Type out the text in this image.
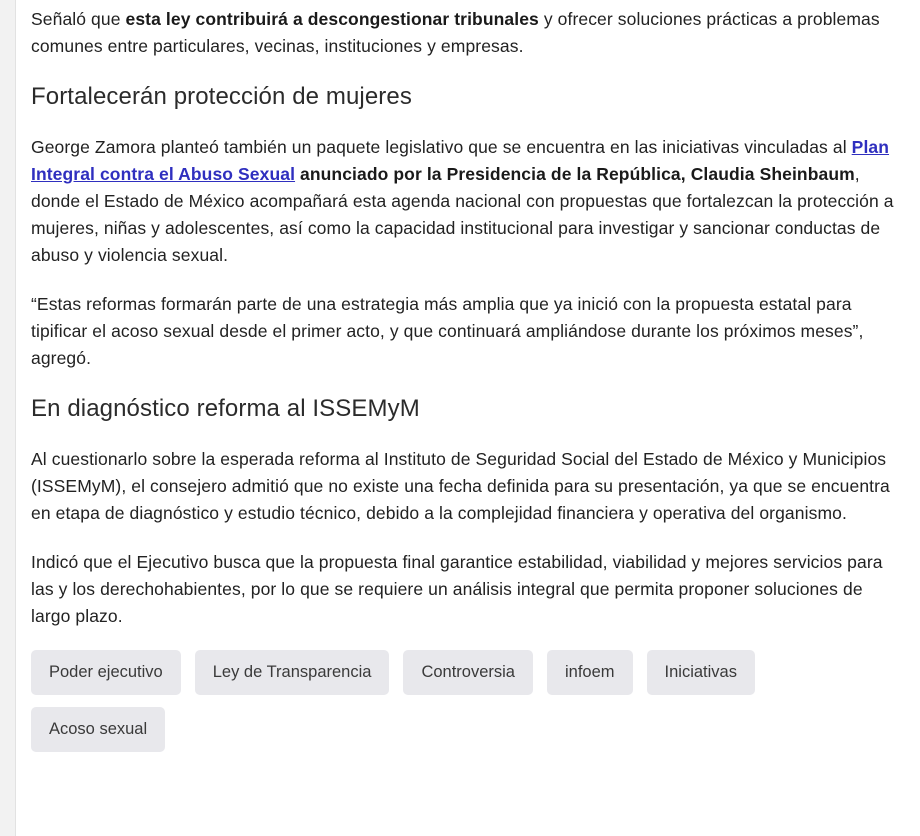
Señaló que esta ley contribuirá a descongestionar tribunales y ofrecer soluciones prácticas a problemas comunes entre particulares, vecinas, instituciones y empresas.

Fortalecerán protección de mujeres

George Zamora planteó también un paquete legislativo que se encuentra en las iniciativas vinculadas al Plan Integral contra el Abuso Sexual anunciado por la Presidencia de la República, Claudia Sheinbaum, donde el Estado de México acompañará esta agenda nacional con propuestas que fortalezcan la protección a mujeres, niñas y adolescentes, así como la capacidad institucional para investigar y sancionar conductas de abuso y violencia sexual.

“Estas reformas formarán parte de una estrategia más amplia que ya inició con la propuesta estatal para tipificar el acoso sexual desde el primer acto, y que continuará ampliándose durante los próximos meses”, agregó.

En diagnóstico reforma al ISSEMyM

Al cuestionarlo sobre la esperada reforma al Instituto de Seguridad Social del Estado de México y Municipios (ISSEMyM), el consejero admitió que no existe una fecha definida para su presentación, ya que se encuentra en etapa de diagnóstico y estudio técnico, debido a la complejidad financiera y operativa del organismo.

Indicó que el Ejecutivo busca que la propuesta final garantice estabilidad, viabilidad y mejores servicios para las y los derechohabientes, por lo que se requiere un análisis integral que permita proponer soluciones de largo plazo.

Poder ejecutivo	Ley de Transparencia	Controversia	infoem	Iniciativas
Acoso sexual
